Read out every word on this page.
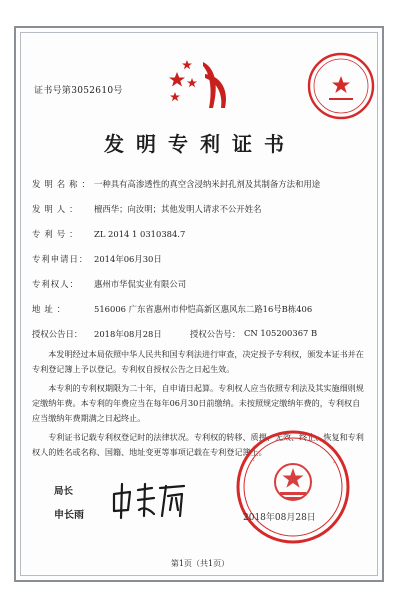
证书号第3052610号
发明专利证书
发明名称：一种具有高渗透性的真空含浸纳米封孔剂及其制备方法和用途
发明人： 檀西华；向汝明；其他发明人请求不公开姓名
专利号： ZL 2014 1 0310384.7
专利申请日： 2014年06月30日
专利权人： 惠州市华侃实业有限公司
地址：	516006 广东省惠州市仲恺高新区惠风东二路16号B栋406
授权公告日： 2018年08月28日	授权公告号： CN 105200367 B

本发明经过本局依照中华人民共和国专利法进行审查，决定授予专利权，颁发本证书并在专利登记簿上予以登记。专利权自授权公告之日起生效。

本专利的专利权期限为二十年，自申请日起算。专利权人应当依照专利法及其实施细则规定缴纳年费。本专利的年费应当在每年06月30日前缴纳。未按照规定缴纳年费的，专利权自应当缴纳年费期满之日起终止。

专利证书记载专利权登记时的法律状况。专利权的转移、质押、无效、终止、恢复和专利权人的姓名或名称、国籍、地址变更等事项记载在专利登记簿上。

局长
申长雨
·	·
2018年08月28日
第1页（共1页）
